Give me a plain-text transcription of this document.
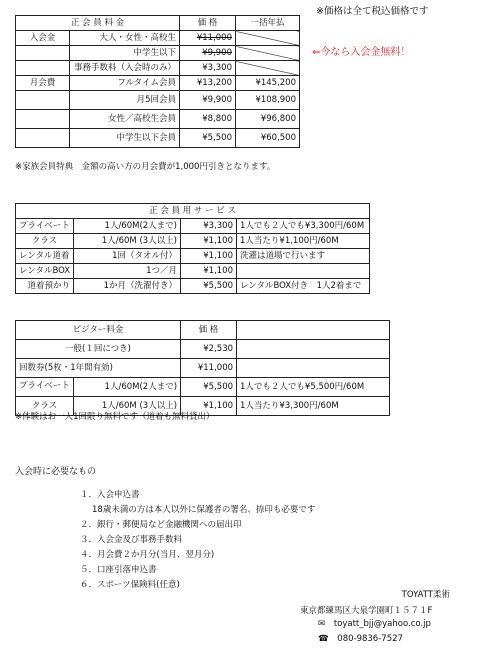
※価格は全て税込価格です
正 会 員 料 金		価 格	一括年払
入会金	大人・女性・高校生	¥11,000	
	中学生以下	¥9,900	
	事務手数料（入会時のみ）	¥3,300	
月会費	フルタイム会員	¥13,200	¥145,200
	月5回会員	¥9,900	¥108,900
	女性／高校生会員	¥8,800	¥96,800
	中学生以下会員	¥5,500	¥60,500
⇐今なら入会金無料！
※家族会員特典　金額の高い方の月会費が1,000円引きとなります。
正 会 員 用 サ ー ビ ス			
プライベート	1人/60M(2人まで)	¥3,300	1人でも２人でも¥3,300円/60M
クラス	1人/60M (3人以上)	¥1,100	1人当たり¥1,100円/60M
レンタル道着	1回（タオル付）	¥1,100	洗濯は道場で行います
レンタルBOX	1つ／月	¥1,100	
道着預かり	1か月（洗濯付き）	¥5,500	レンタルBOX付き　1人2着まで
ビジター料金		価 格	
一般(１回につき)		¥2,530	
回数券(5枚・1年間有効)		¥11,000	
プライベート	1人/60M(2人まで)	¥5,500	1人でも２人でも¥5,500円/60M
クラス	1人/60M (3人以上)	¥1,100	1人当たり¥3,300円/60M
※体験はお一人1回限り無料です（道着も無料貸出）
入会時に必要なもの
１．入会申込書
18歳未満の方は本人以外に保護者の署名、捺印も必要です
２．銀行・郵便局など金融機関への届出印
３．入会金及び事務手数料
４．月会費２か月分(当月、翌月分)
５．口座引落申込書
６．スポーツ保険料(任意)
TOYATT柔術
東京都練馬区大泉学園町１５７１F
✉ toyatt_bjj@yahoo.co.jp
☎ 080-9836-7527
